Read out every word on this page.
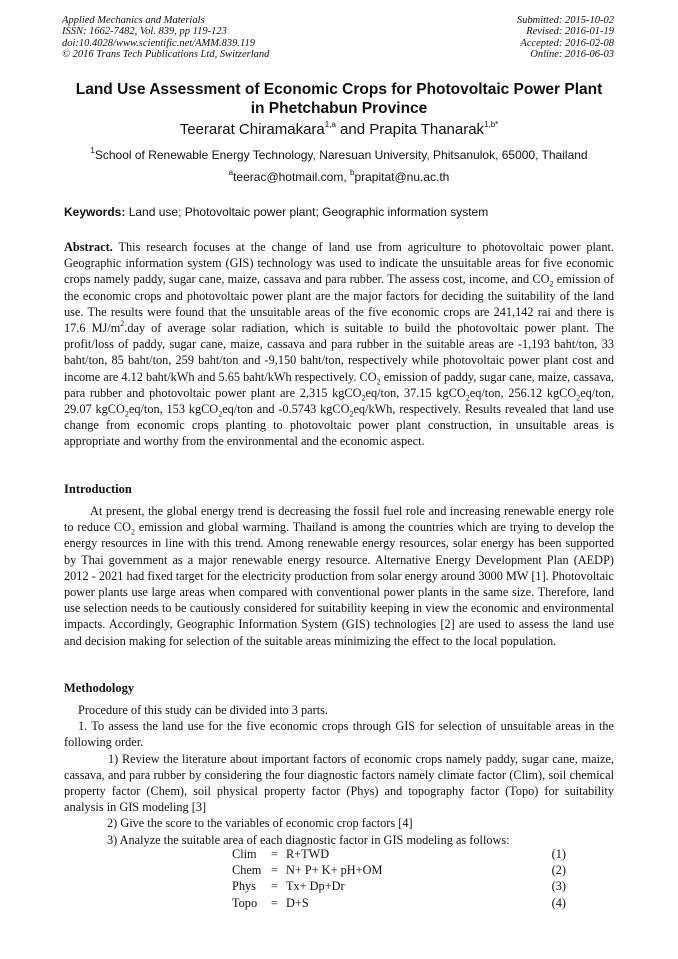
Applied Mechanics and Materials
ISSN: 1662-7482, Vol. 839, pp 119-123
doi:10.4028/www.scientific.net/AMM.839.119
© 2016 Trans Tech Publications Ltd, Switzerland
Submitted: 2015-10-02
Revised: 2016-01-19
Accepted: 2016-02-08
Online: 2016-06-03
Land Use Assessment of Economic Crops for Photovoltaic Power Plant
in Phetchabun Province
Teerarat Chiramakara$^{1,a}$ and Prapita Thanarak$^{1,b*}$
$^1$School of Renewable Energy Technology, Naresuan University, Phitsanulok, 65000, Thailand
$^a$teerac@hotmail.com, $^b$prapitat@nu.ac.th
Keywords: Land use; Photovoltaic power plant; Geographic information system
Abstract. This research focuses at the change of land use from agriculture to photovoltaic power plant. Geographic information system (GIS) technology was used to indicate the unsuitable areas for five economic crops namely paddy, sugar cane, maize, cassava and para rubber. The assess cost, income, and $CO_2$ emission of the economic crops and photovoltaic power plant are the major factors for deciding the suitability of the land use. The results were found that the unsuitable areas of the five economic crops are 241,142 rai and there is 17.6 $MJ/m^2.day$ of average solar radiation, which is suitable to build the photovoltaic power plant. The profit/loss of paddy, sugar cane, maize, cassava and para rubber in the suitable areas are -1,193 baht/ton, 33 baht/ton, 85 baht/ton, 259 baht/ton and -9,150 baht/ton, respectively while photovoltaic power plant cost and income are 4.12 baht/kWh and 5.65 baht/kWh respectively. $CO_2$ emission of paddy, sugar cane, maize, cassava, para rubber and photovoltaic power plant are 2,315 kgCO$_2$eq/ton, 37.15 kgCO$_2$eq/ton, 256.12 kgCO$_2$eq/ton, 29.07 kgCO$_2$eq/ton, 153 kgCO$_2$eq/ton and -0.5743 kgCO$_2$eq/kWh, respectively. Results revealed that land use change from economic crops planting to photovoltaic power plant construction, in unsuitable areas is appropriate and worthy from the environmental and the economic aspect.
Introduction

At present, the global energy trend is decreasing the fossil fuel role and increasing renewable energy role to reduce $CO_2$ emission and global warming. Thailand is among the countries which are trying to develop the energy resources in line with this trend. Among renewable energy resources, solar energy has been supported by Thai government as a major renewable energy resource. Alternative Energy Development Plan (AEDP) 2012 - 2021 had fixed target for the electricity production from solar energy around 3000 MW [1]. Photovoltaic power plants use large areas when compared with conventional power plants in the same size. Therefore, land use selection needs to be cautiously considered for suitability keeping in view the economic and environmental impacts. Accordingly, Geographic Information System (GIS) technologies [2] are used to assess the land use and decision making for selection of the suitable areas minimizing the effect to the local population.

Methodology

Procedure of this study can be divided into 3 parts.

1. To assess the land use for the five economic crops through GIS for selection of unsuitable areas in the following order.

1) Review the literature about important factors of economic crops namely paddy, sugar cane, maize, cassava, and para rubber by considering the four diagnostic factors namely climate factor (Clim), soil chemical property factor (Chem), soil physical property factor (Phys) and topography factor (Topo) for suitability analysis in GIS modeling [3]

2) Give the score to the variables of economic crop factors [4]

3) Analyze the suitable area of each diagnostic factor in GIS modeling as follows:

Clim	= R+TWD	(1)
Chem = N+ P+ K+ pH+OM	(2)
Phys	= Tx+ Dp+Dr	(3)
Topo	= D+S	(4)
